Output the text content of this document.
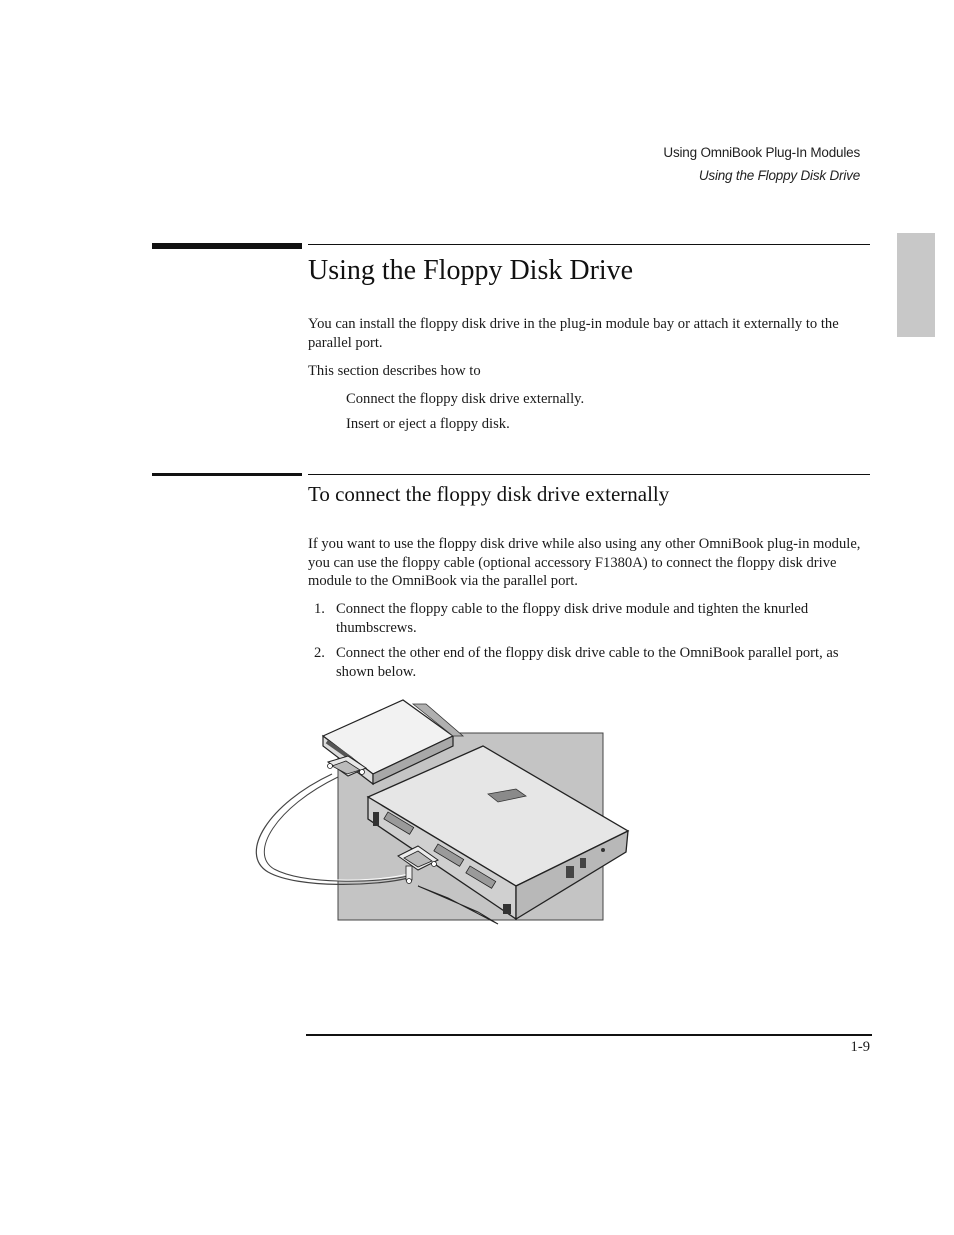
Using OmniBook Plug-In Modules
Using the Floppy Disk Drive
Using the Floppy Disk Drive

You can install the floppy disk drive in the plug-in module bay or attach it externally to the parallel port.

This section describes how to

Connect the floppy disk drive externally.

Insert or eject a floppy disk.

To connect the floppy disk drive externally

If you want to use the floppy disk drive while also using any other OmniBook plug-in module, you can use the floppy cable (optional accessory F1380A) to connect the floppy disk drive module to the OmniBook via the parallel port.

1. Connect the floppy cable to the floppy disk drive module and tighten the knurled thumbscrews.
2. Connect the other end of the floppy disk drive cable to the OmniBook parallel port, as shown below.
1-9
